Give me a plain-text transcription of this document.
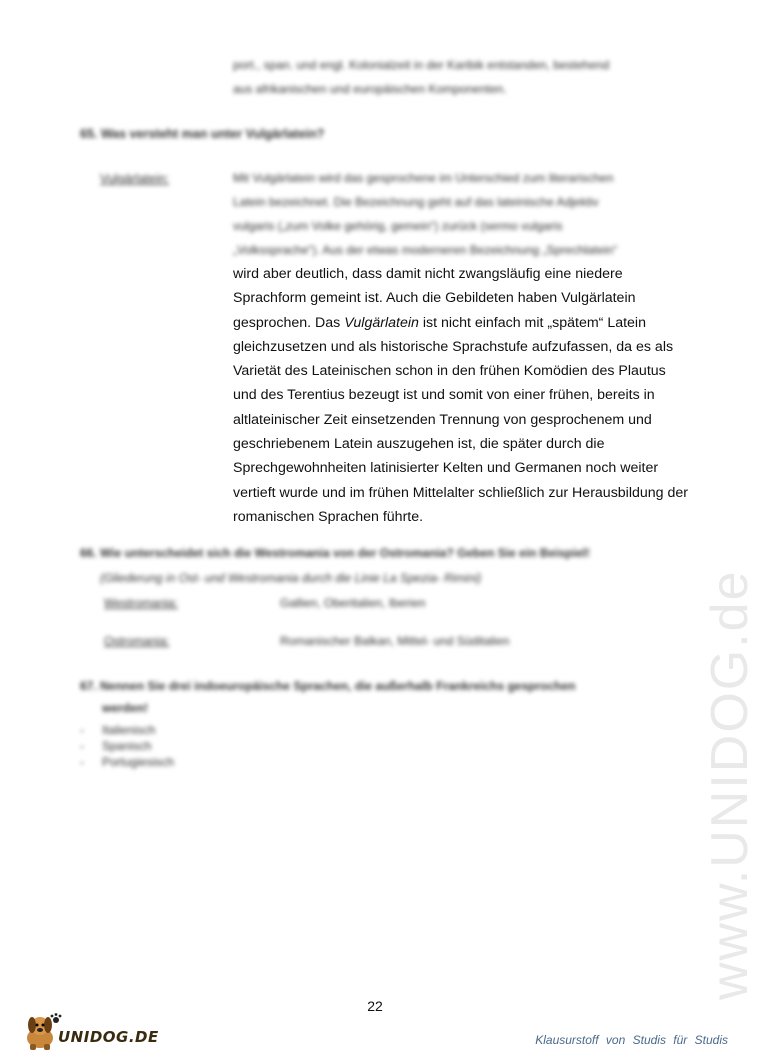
www.UNIDOG.de
port., span. und engl. Kolonialzeit in der Karibik entstanden, bestehend
aus afrikanischen und europäischen Komponenten.
65. Was versteht man unter Vulgärlatein?
Vulgärlatein:	Mit Vulgärlatein wird das gesprochene im Unterschied zum literarischen
Latein bezeichnet. Die Bezeichnung geht auf das lateinische Adjektiv
vulgaris („zum Volke gehörig, gemein“) zurück (sermo vulgaris
„Volkssprache“). Aus der etwas moderneren Bezeichnung „Sprechlatein“
wird aber deutlich, dass damit nicht zwangsläufig eine niedere
Sprachform gemeint ist. Auch die Gebildeten haben Vulgärlatein
gesprochen. Das Vulgärlatein ist nicht einfach mit „spätem“ Latein
gleichzusetzen und als historische Sprachstufe aufzufassen, da es als
Varietät des Lateinischen schon in den frühen Komödien des Plautus
und des Terentius bezeugt ist und somit von einer frühen, bereits in
altlateinischer Zeit einsetzenden Trennung von gesprochenem und
geschriebenem Latein auszugehen ist, die später durch die
Sprechgewohnheiten latinisierter Kelten und Germanen noch weiter
vertieft wurde und im frühen Mittelalter schließlich zur Herausbildung der
romanischen Sprachen führte.
66. Wie unterscheidet sich die Westromania von der Ostromania? Geben Sie ein Beispiel!
(Gliederung in Ost- und Westromania durch die Linie La Spezia- Rimini)
Westromania:	Gallien, Oberitalien, Iberien
Ostromania:	Romanischer Balkan, Mittel- und Süditalien
67. Nennen Sie drei indoeuropäische Sprachen, die außerhalb Frankreichs gesprochen
werden!
- Italienisch
- Spanisch
- Portugiesisch
22
UNIDOG.DE	Klausurstoff von Studis für Studis
